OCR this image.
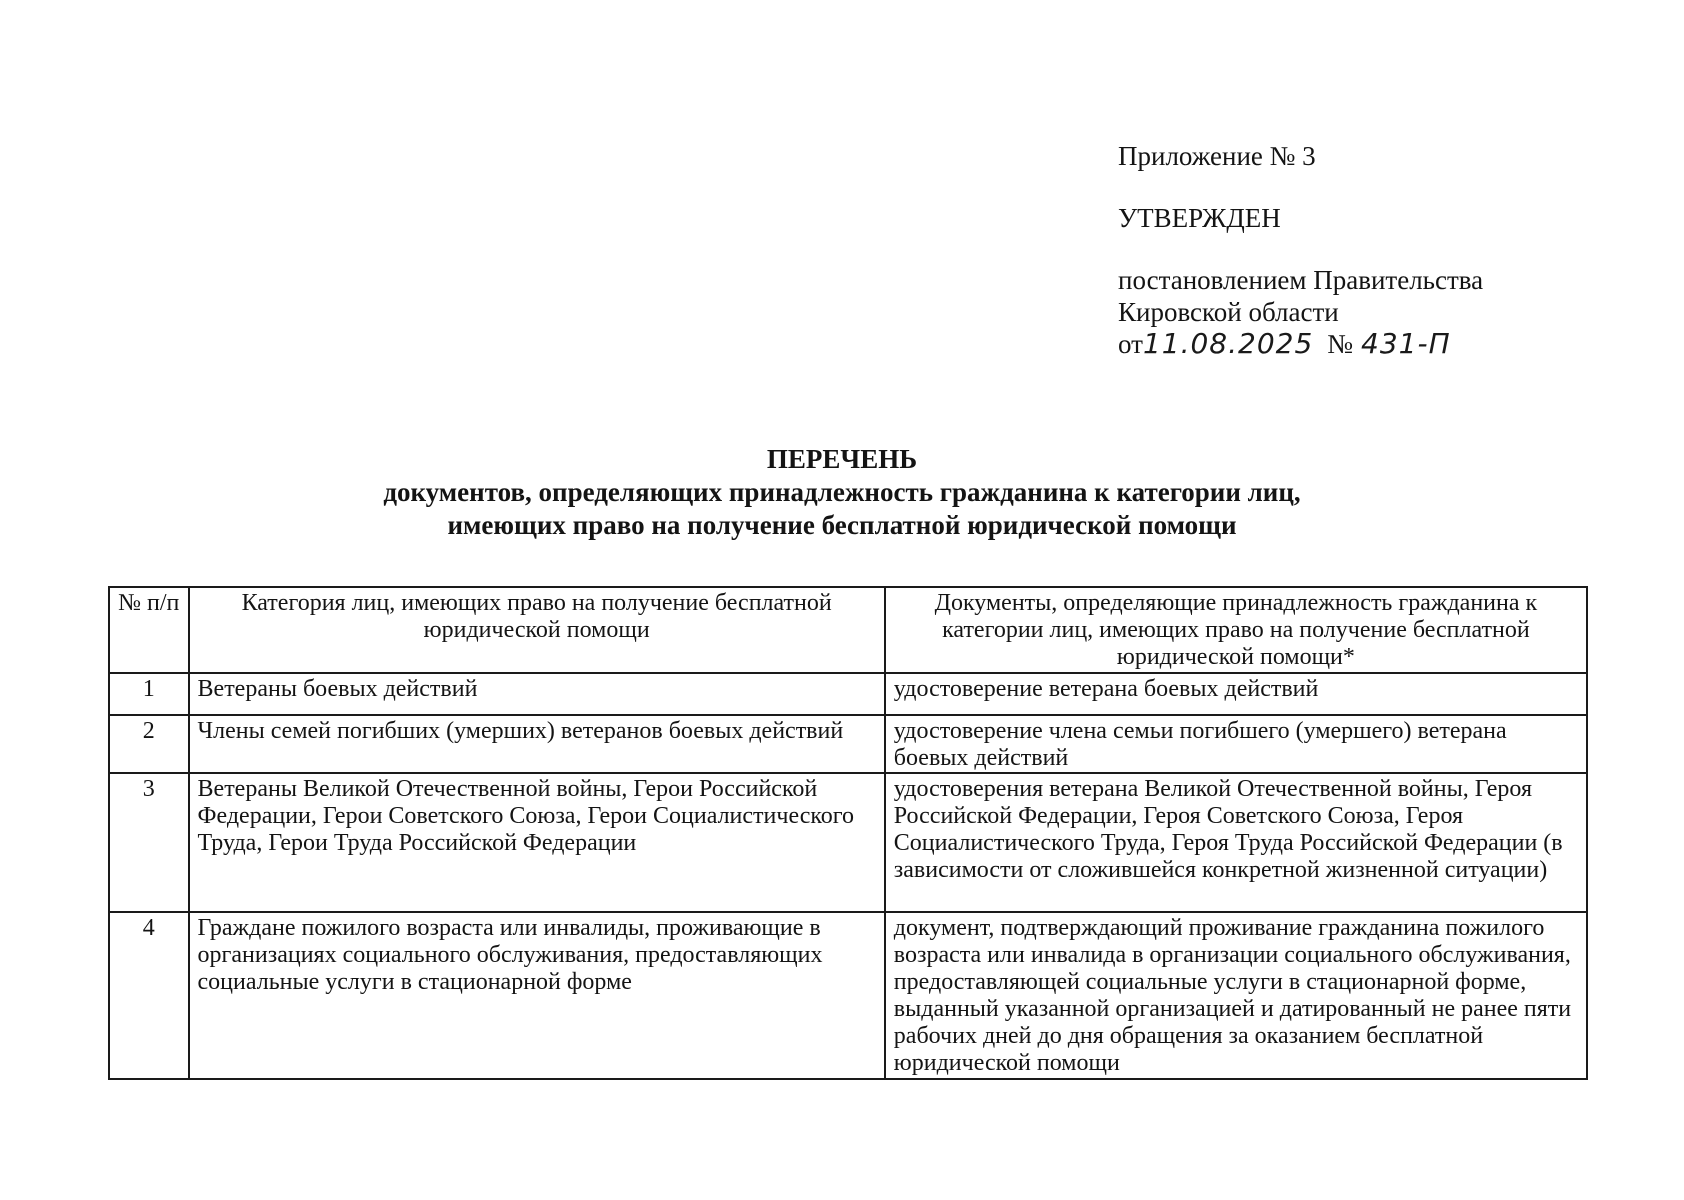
Приложение № 3
УТВЕРЖДЕН
постановлением Правительства
Кировской области
от11.08.2025 № 431-П
ПЕРЕЧЕНЬ
документов, определяющих принадлежность гражданина к категории лиц,
имеющих право на получение бесплатной юридической помощи
№ п/п	Категория лиц, имеющих право на получение бесплатной юридической помощи	Документы, определяющие принадлежность гражданина к категории лиц, имеющих право на получение бесплатной юридической помощи*
1	Ветераны боевых действий	удостоверение ветерана боевых действий
2	Члены семей погибших (умерших) ветеранов боевых действий	удостоверение члена семьи погибшего (умершего) ветерана боевых действий
3	Ветераны Великой Отечественной войны, Герои Российской Федерации, Герои Советского Союза, Герои Социалистического Труда, Герои Труда Российской Федерации	удостоверения ветерана Великой Отечественной войны, Героя Российской Федерации, Героя Советского Союза, Героя Социалистического Труда, Героя Труда Российской Федерации (в зависимости от сложившейся конкретной жизненной ситуации)
4	Граждане пожилого возраста или инвалиды, проживающие в организациях социального обслуживания, предоставляющих социальные услуги в стационарной форме	документ, подтверждающий проживание гражданина пожилого возраста или инвалида в организации социального обслуживания, предоставляющей социальные услуги в стационарной форме, выданный указанной организацией и датированный не ранее пяти рабочих дней до дня обращения за оказанием бесплатной юридической помощи
